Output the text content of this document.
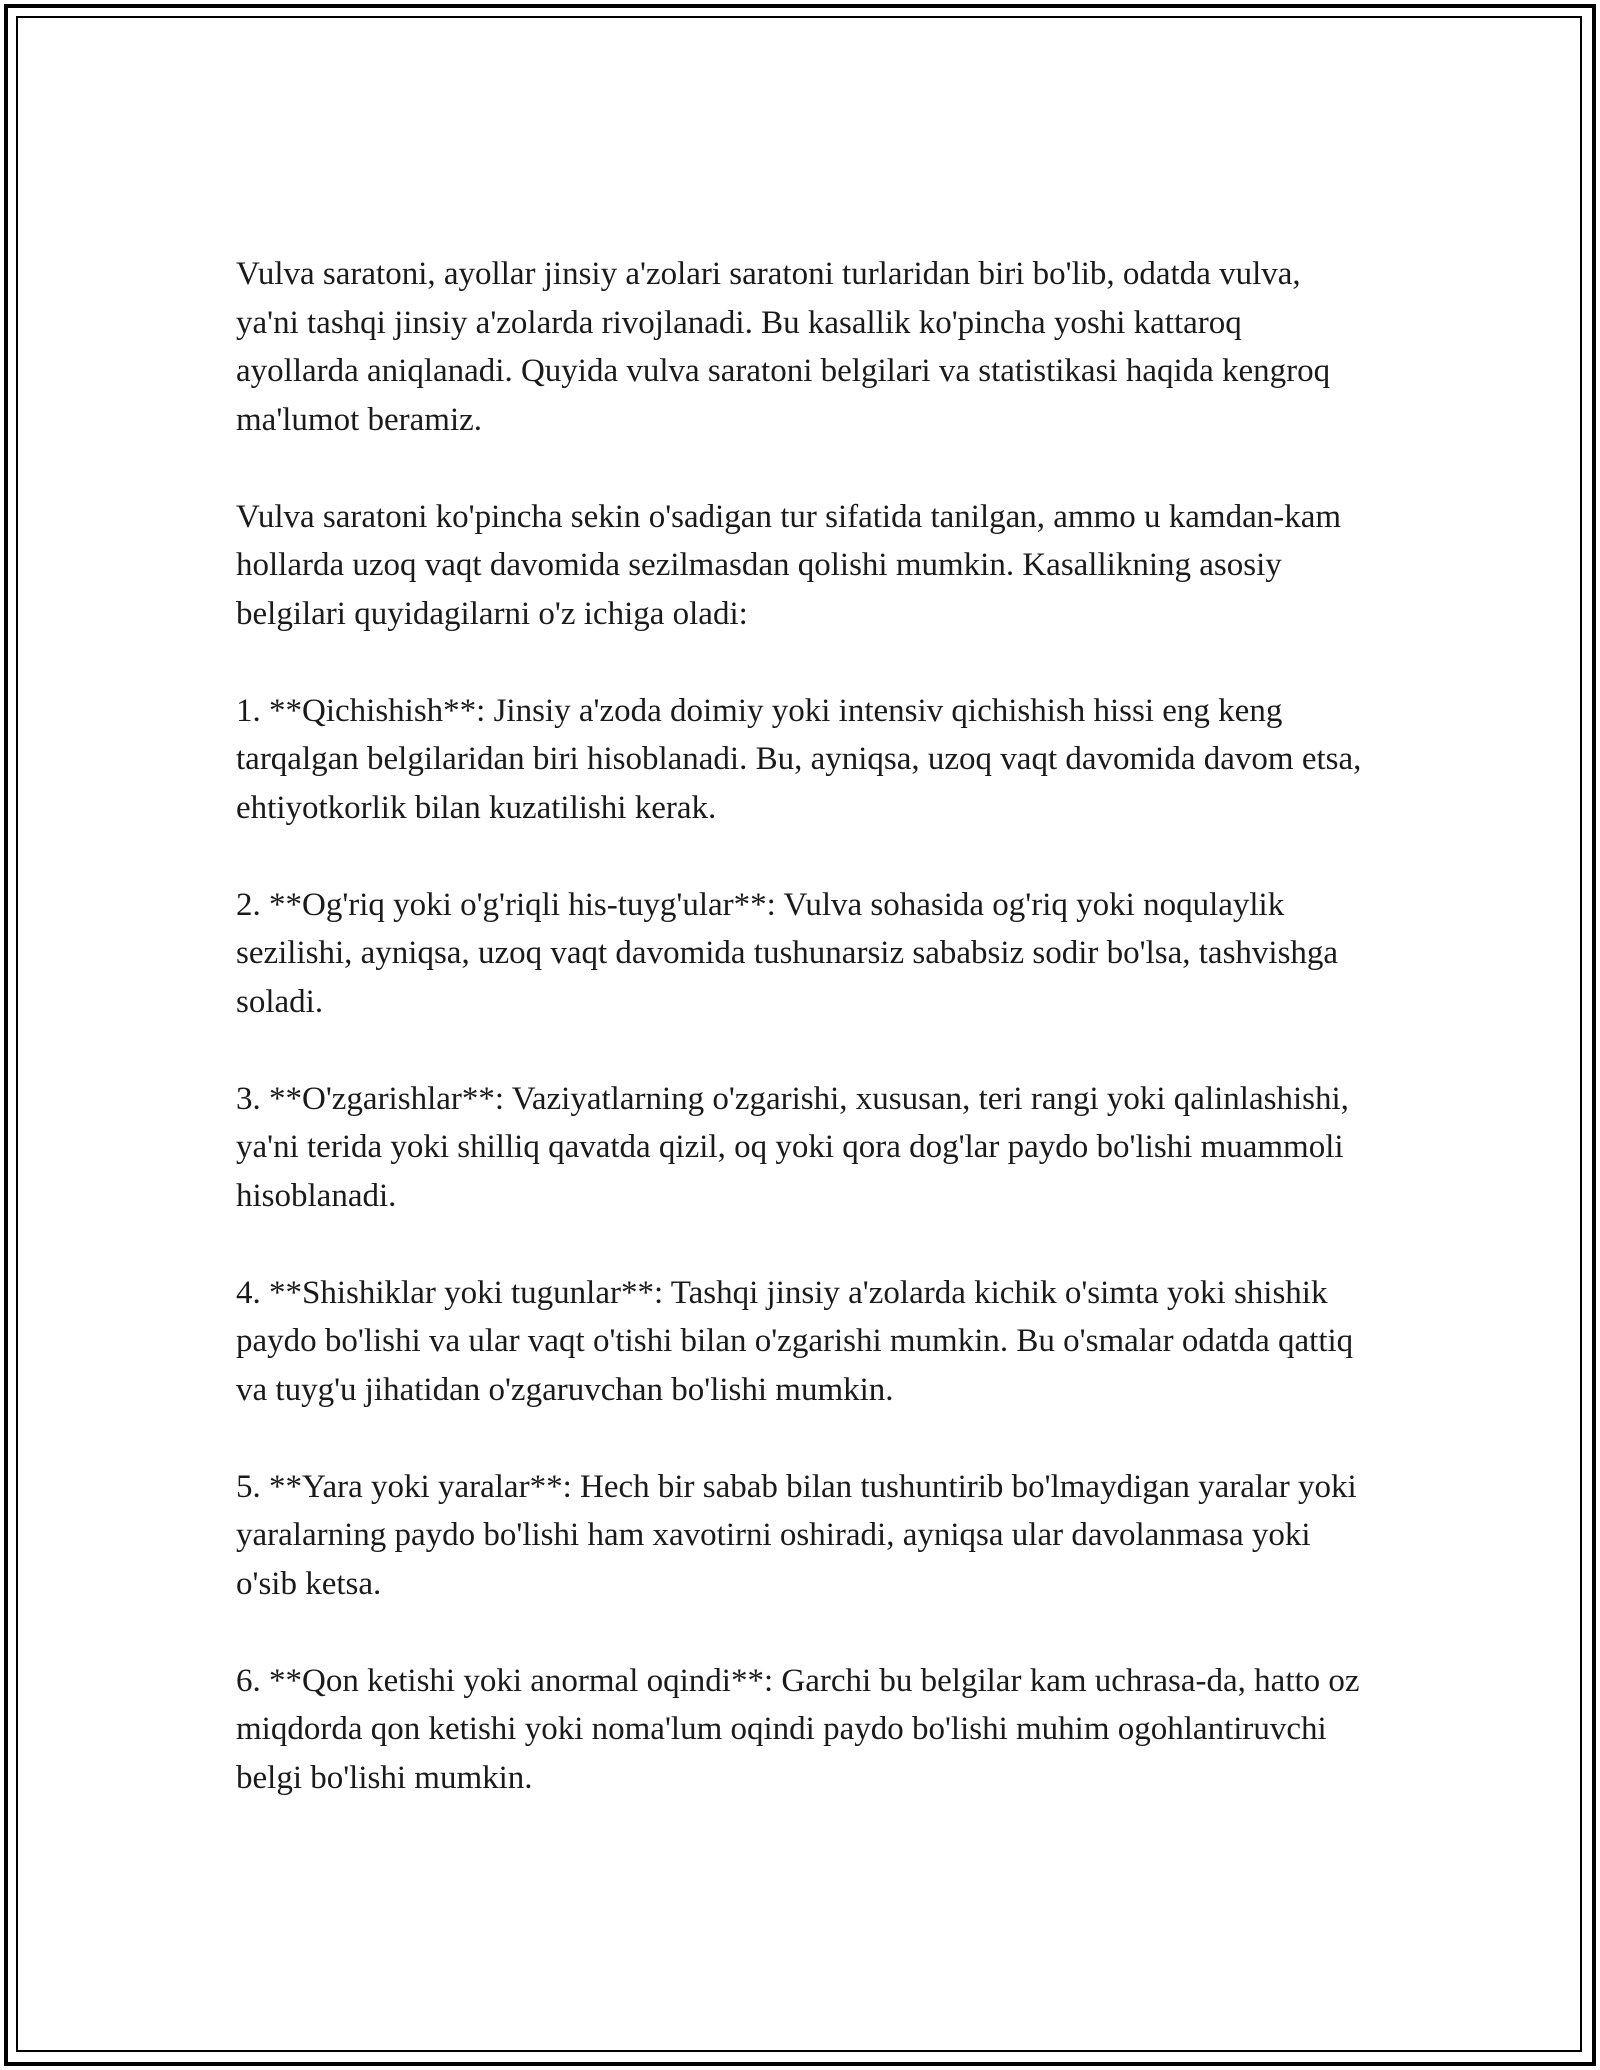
Vulva saratoni, ayollar jinsiy a'zolari saratoni turlaridan biri bo'lib, odatda vulva, ya'ni tashqi jinsiy a'zolarda rivojlanadi. Bu kasallik ko'pincha yoshi kattaroq ayollarda aniqlanadi. Quyida vulva saratoni belgilari va statistikasi haqida kengroq ma'lumot beramiz.

Vulva saratoni ko'pincha sekin o'sadigan tur sifatida tanilgan, ammo u kamdan-kam hollarda uzoq vaqt davomida sezilmasdan qolishi mumkin. Kasallikning asosiy belgilari quyidagilarni o'z ichiga oladi:

1. **Qichishish**: Jinsiy a'zoda doimiy yoki intensiv qichishish hissi eng keng tarqalgan belgilaridan biri hisoblanadi. Bu, ayniqsa, uzoq vaqt davomida davom etsa, ehtiyotkorlik bilan kuzatilishi kerak.

2. **Og'riq yoki o'g'riqli his-tuyg'ular**: Vulva sohasida og'riq yoki noqulaylik sezilishi, ayniqsa, uzoq vaqt davomida tushunarsiz sababsiz sodir bo'lsa, tashvishga soladi.

3. **O'zgarishlar**: Vaziyatlarning o'zgarishi, xususan, teri rangi yoki qalinlashishi, ya'ni terida yoki shilliq qavatda qizil, oq yoki qora dog'lar paydo bo'lishi muammoli hisoblanadi.

4. **Shishiklar yoki tugunlar**: Tashqi jinsiy a'zolarda kichik o'simta yoki shishik paydo bo'lishi va ular vaqt o'tishi bilan o'zgarishi mumkin. Bu o'smalar odatda qattiq va tuyg'u jihatidan o'zgaruvchan bo'lishi mumkin.

5. **Yara yoki yaralar**: Hech bir sabab bilan tushuntirib bo'lmaydigan yaralar yoki yaralarning paydo bo'lishi ham xavotirni oshiradi, ayniqsa ular davolanmasa yoki o'sib ketsa.

6. **Qon ketishi yoki anormal oqindi**: Garchi bu belgilar kam uchrasa-da, hatto oz miqdorda qon ketishi yoki noma'lum oqindi paydo bo'lishi muhim ogohlantiruvchi belgi bo'lishi mumkin.
